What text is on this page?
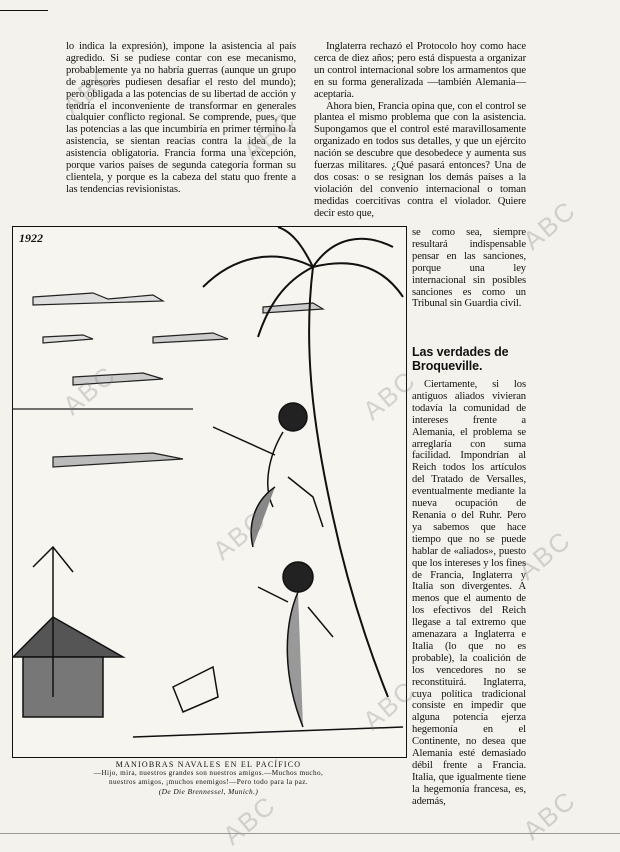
lo indica la expresión), impone la asistencia al país agredido. Si se pudiese contar con ese mecanismo, probablemente ya no habría guerras (aunque un grupo de agresores pudiesen desafiar el resto del mundo); pero obligada a las potencias de su libertad de acción y tendría el inconveniente de transformar en generales cualquier conflicto regional. Se comprende, pues, que las potencias a las que incumbiría en primer término la asistencia, se sientan reacias contra la idea de la asistencia obligatoria. Francia forma una excepción, porque varios países de segunda categoría forman su clientela, y porque es la cabeza del statu quo frente a las tendencias revisionistas.

Inglaterra rechazó el Protocolo hoy como hace cerca de diez años; pero está dispuesta a organizar un control internacional sobre los armamentos que en su forma generalizada —también Alemania— aceptaría.

Ahora bien, Francia opina que, con el control se plantea el mismo problema que con la asistencia. Supongamos que el control esté maravillosamente organizado en todos sus detalles, y que un ejército nación se descubre que desobedece y aumenta sus fuerzas militares. ¿Qué pasará entonces? Una de dos cosas: o se resignan los demás países a la violación del convenio internacional o toman medidas coercitivas contra el violador. Quiere decir esto que,

se como sea, siempre resultará indispensable pensar en las sanciones, porque una ley internacional sin posibles sanciones es como un Tribunal sin Guardia civil.

Las verdades de Broqueville.

Ciertamente, si los antiguos aliados vivieran todavía la comunidad de intereses frente a Alemania, el problema se arreglaría con suma facilidad. Impondrían al Reich todos los artículos del Tratado de Versalles, eventualmente mediante la nueva ocupación de Renania o del Ruhr. Pero ya sabemos que hace tiempo que no se puede hablar de «aliados», puesto que los intereses y los fines de Francia, Inglaterra y Italia son divergentes. A menos que el aumento de los efectivos del Reich llegase a tal extremo que amenazara a Inglaterra e Italia (lo que no es probable), la coalición de los vencedores no se reconstituirá. Inglaterra, cuya política tradicional consiste en impedir que alguna potencia ejerza hegemonía en el Continente, no desea que Alemania esté demasiado débil frente a Francia. Italia, que igualmente tiene la hegemonía francesa, es, además,

1922
MANIOBRAS NAVALES EN EL PACÍFICO
—Hijo, mira, nuestros grandes son nuestros amigos.—Muchos mucho,
nuestros amigos, ¡muchos enemigos!—Pero todo para la paz.
(De Die Brennessel, Munich.)
ABC
ABC
ABC
ABC	ABC
ABC
ABC
ABC
ABC	ABC
